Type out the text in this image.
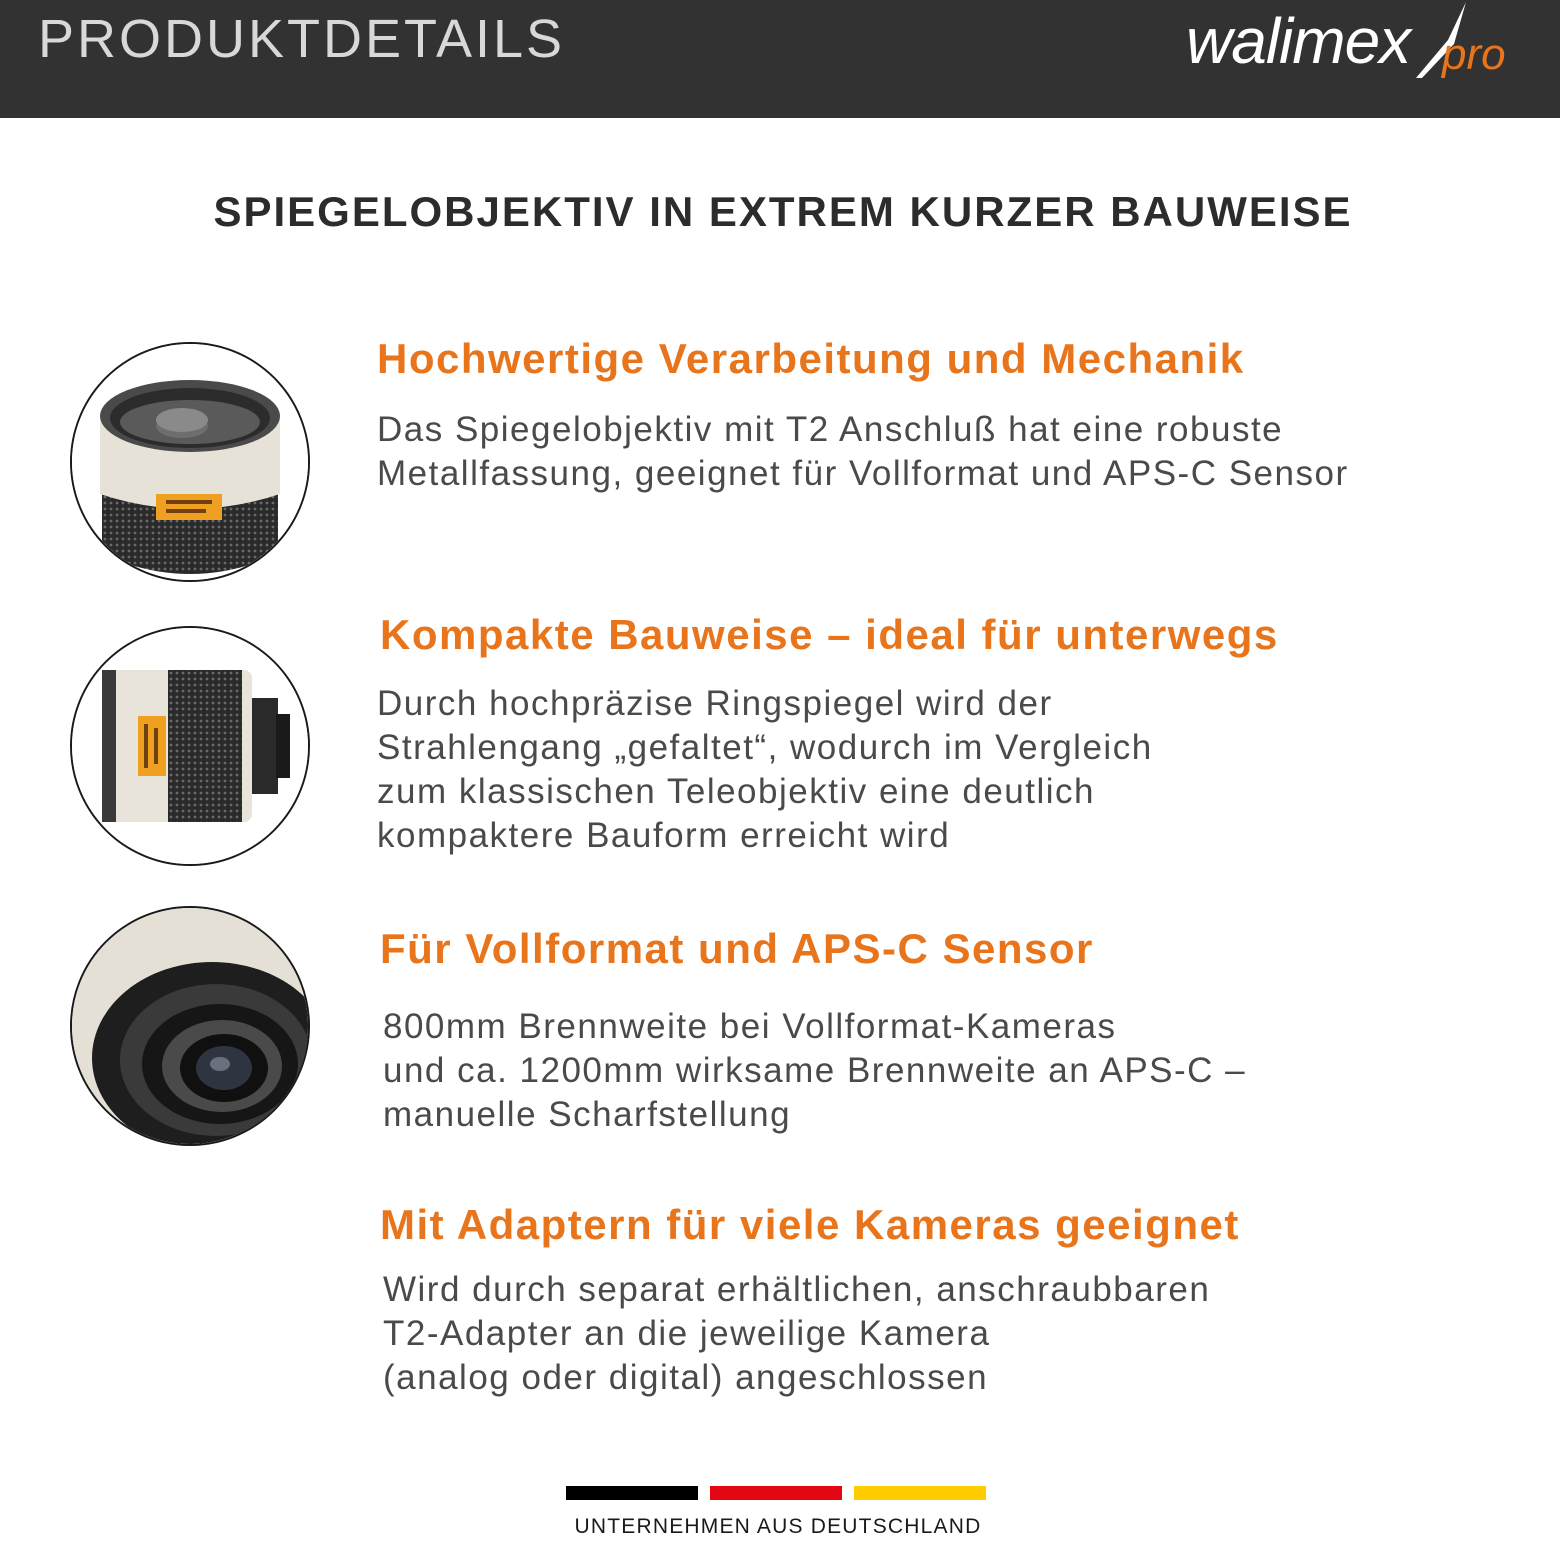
PRODUKTDETAILS	walimex pro
SPIEGELOBJEKTIV IN EXTREM KURZER BAUWEISE
Hochwertige Verarbeitung und Mechanik
Das Spiegelobjektiv mit T2 Anschluß hat eine robuste
Metallfassung, geeignet für Vollformat und APS-C Sensor
Kompakte Bauweise – ideal für unterwegs
Durch hochpräzise Ringspiegel wird der
Strahlengang „gefaltet“, wodurch im Vergleich
zum klassischen Teleobjektiv eine deutlich
kompaktere Bauform erreicht wird
Für Vollformat und APS-C Sensor
800mm Brennweite bei Vollformat-Kameras
und ca. 1200mm wirksame Brennweite an APS-C –
manuelle Scharfstellung
Mit Adaptern für viele Kameras geeignet
Wird durch separat erhältlichen, anschraubbaren
T2-Adapter an die jeweilige Kamera
(analog oder digital) angeschlossen
UNTERNEHMEN AUS DEUTSCHLAND
